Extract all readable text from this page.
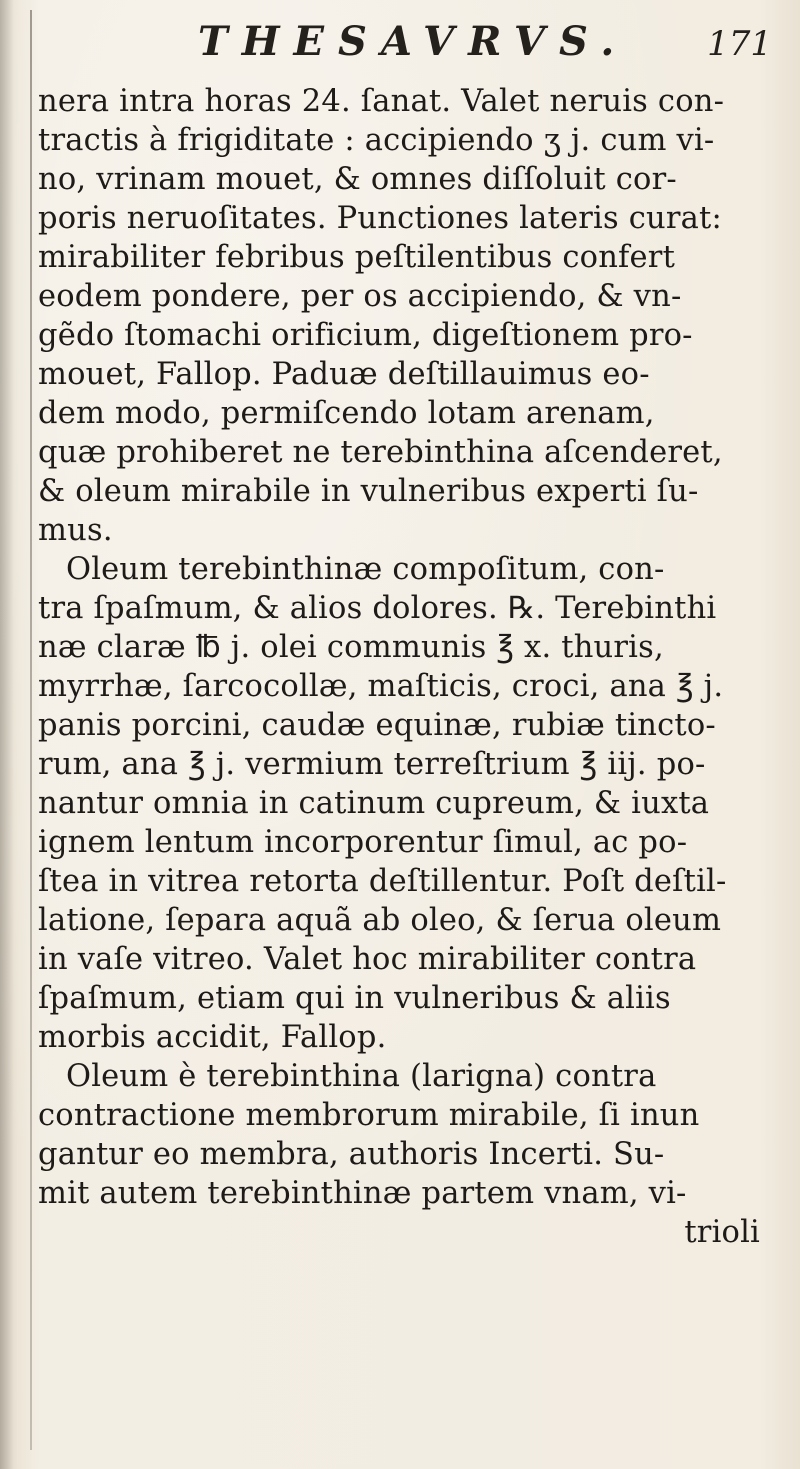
THESAVRVS. 171
nera intra horas 24. ſanat. Valet neruis con-
tractis à frigiditate : accipiendo ʒ j. cum vi-
no, vrinam mouet, & omnes diſſoluit cor-
poris neruoſitates. Punctiones lateris curat:
mirabiliter febribus peſtilentibus confert
eodem pondere, per os accipiendo, & vn-
gẽdo ſtomachi orificium, digeſtionem pro-
mouet, Fallop. Paduæ deſtillauimus eo-
dem modo, permiſcendo lotam arenam,
quæ prohiberet ne terebinthina aſcenderet,
& oleum mirabile in vulneribus experti ſu-
mus.
Oleum terebinthinæ compoſitum, con-
tra ſpaſmum, & alios dolores. ℞. Terebinthi
næ claræ ℔ j. olei communis ℥ x. thuris,
myrrhæ, ſarcocollæ, maſticis, croci, ana ℥ j.
panis porcini, caudæ equinæ, rubiæ tincto-
rum, ana ℥ j. vermium terreſtrium ℥ iij. po-
nantur omnia in catinum cupreum, & iuxta
ignem lentum incorporentur ſimul, ac po-
ſtea in vitrea retorta deſtillentur. Poſt deſtil-
latione, ſepara aquã ab oleo, & ſerua oleum
in vaſe vitreo. Valet hoc mirabiliter contra
ſpaſmum, etiam qui in vulneribus & aliis
morbis accidit, Fallop.
Oleum è terebinthina (larigna) contra
contractione membrorum mirabile, ſi inun
gantur eo membra, authoris Incerti. Su-
mit autem terebinthinæ partem vnam, vi-
trioli
